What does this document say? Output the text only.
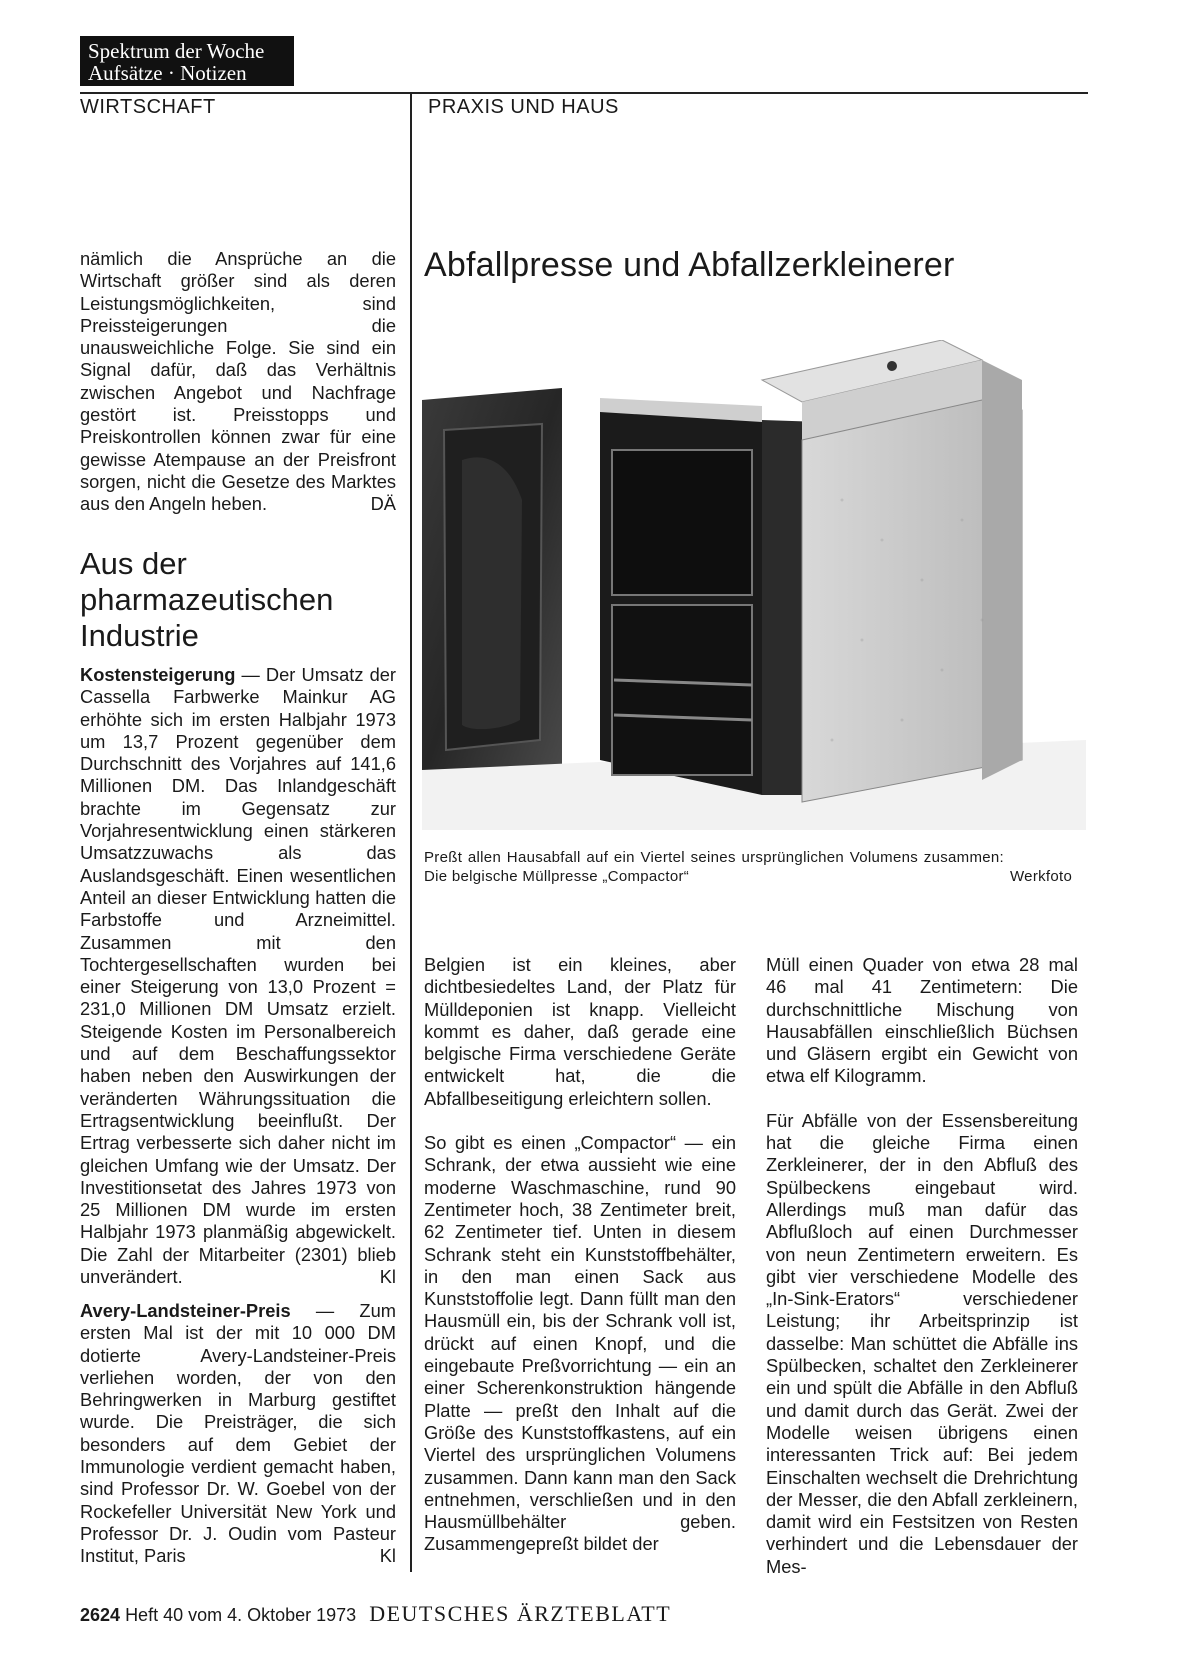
Spektrum der Woche
Aufsätze · Notizen
WIRTSCHAFT	PRAXIS UND HAUS

nämlich die Ansprüche an die Wirtschaft größer sind als deren Leistungsmöglichkeiten, sind Preissteigerungen die unausweichliche Folge. Sie sind ein Signal dafür, daß das Verhältnis zwischen Angebot und Nachfrage gestört ist. Preisstopps und Preiskontrollen können zwar für eine gewisse Atempause an der Preisfront sorgen, nicht die Gesetze des Marktes aus den Angeln heben.	DÄ

Aus der pharmazeutischen Industrie

Kostensteigerung — Der Umsatz der Cassella Farbwerke Mainkur AG erhöhte sich im ersten Halbjahr 1973 um 13,7 Prozent gegenüber dem Durchschnitt des Vorjahres auf 141,6 Millionen DM. Das Inlandgeschäft brachte im Gegensatz zur Vorjahresentwicklung einen stärkeren Umsatzzuwachs als das Auslandsgeschäft. Einen wesentlichen Anteil an dieser Entwicklung hatten die Farbstoffe und Arzneimittel. Zusammen mit den Tochtergesellschaften wurden bei einer Steigerung von 13,0 Prozent = 231,0 Millionen DM Umsatz erzielt. Steigende Kosten im Personalbereich und auf dem Beschaffungssektor haben neben den Auswirkungen der veränderten Währungssituation die Ertragsentwicklung beeinflußt. Der Ertrag verbesserte sich daher nicht im gleichen Umfang wie der Umsatz. Der Investitionsetat des Jahres 1973 von 25 Millionen DM wurde im ersten Halbjahr 1973 planmäßig abgewickelt. Die Zahl der Mitarbeiter (2301) blieb unverändert.	Kl

Avery-Landsteiner-Preis — Zum ersten Mal ist der mit 10 000 DM dotierte Avery-Landsteiner-Preis verliehen worden, der von den Behringwerken in Marburg gestiftet wurde. Die Preisträger, die sich besonders auf dem Gebiet der Immunologie verdient gemacht haben, sind Professor Dr. W. Goebel von der Rockefeller Universität New York und Professor Dr. J. Oudin vom Pasteur Institut, Paris	Kl

Abfallpresse und Abfallzerkleinerer
Preßt allen Hausabfall auf ein Viertel seines ursprünglichen Volumens zusammen: Die belgische Müllpresse „Compactor“	Werkfoto

Belgien ist ein kleines, aber dichtbesiedeltes Land, der Platz für Mülldeponien ist knapp. Vielleicht kommt es daher, daß gerade eine belgische Firma verschiedene Geräte entwickelt hat, die die Abfallbeseitigung erleichtern sollen.

So gibt es einen „Compactor“ — ein Schrank, der etwa aussieht wie eine moderne Waschmaschine, rund 90 Zentimeter hoch, 38 Zentimeter breit, 62 Zentimeter tief. Unten in diesem Schrank steht ein Kunststoffbehälter, in den man einen Sack aus Kunststoffolie legt. Dann füllt man den Hausmüll ein, bis der Schrank voll ist, drückt auf einen Knopf, und die eingebaute Preßvorrichtung — ein an einer Scherenkonstruktion hängende Platte — preßt den Inhalt auf die Größe des Kunststoffkastens, auf ein Viertel des ursprünglichen Volumens zusammen. Dann kann man den Sack entnehmen, verschließen und in den Hausmüllbehälter geben. Zusammengepreßt bildet der

Müll einen Quader von etwa 28 mal 46 mal 41 Zentimetern: Die durchschnittliche Mischung von Hausabfällen einschließlich Büchsen und Gläsern ergibt ein Gewicht von etwa elf Kilogramm.

Für Abfälle von der Essensbereitung hat die gleiche Firma einen Zerkleinerer, der in den Abfluß des Spülbeckens eingebaut wird. Allerdings muß man dafür das Abflußloch auf einen Durchmesser von neun Zentimetern erweitern. Es gibt vier verschiedene Modelle des „In-Sink-Erators“ verschiedener Leistung; ihr Arbeitsprinzip ist dasselbe: Man schüttet die Abfälle ins Spülbecken, schaltet den Zerkleinerer ein und spült die Abfälle in den Abfluß und damit durch das Gerät. Zwei der Modelle weisen übrigens einen interessanten Trick auf: Bei jedem Einschalten wechselt die Drehrichtung der Messer, die den Abfall zerkleinern, damit wird ein Festsitzen von Resten verhindert und die Lebensdauer der Mes-

2624 Heft 40 vom 4. Oktober 1973 DEUTSCHES ÄRZTEBLATT
